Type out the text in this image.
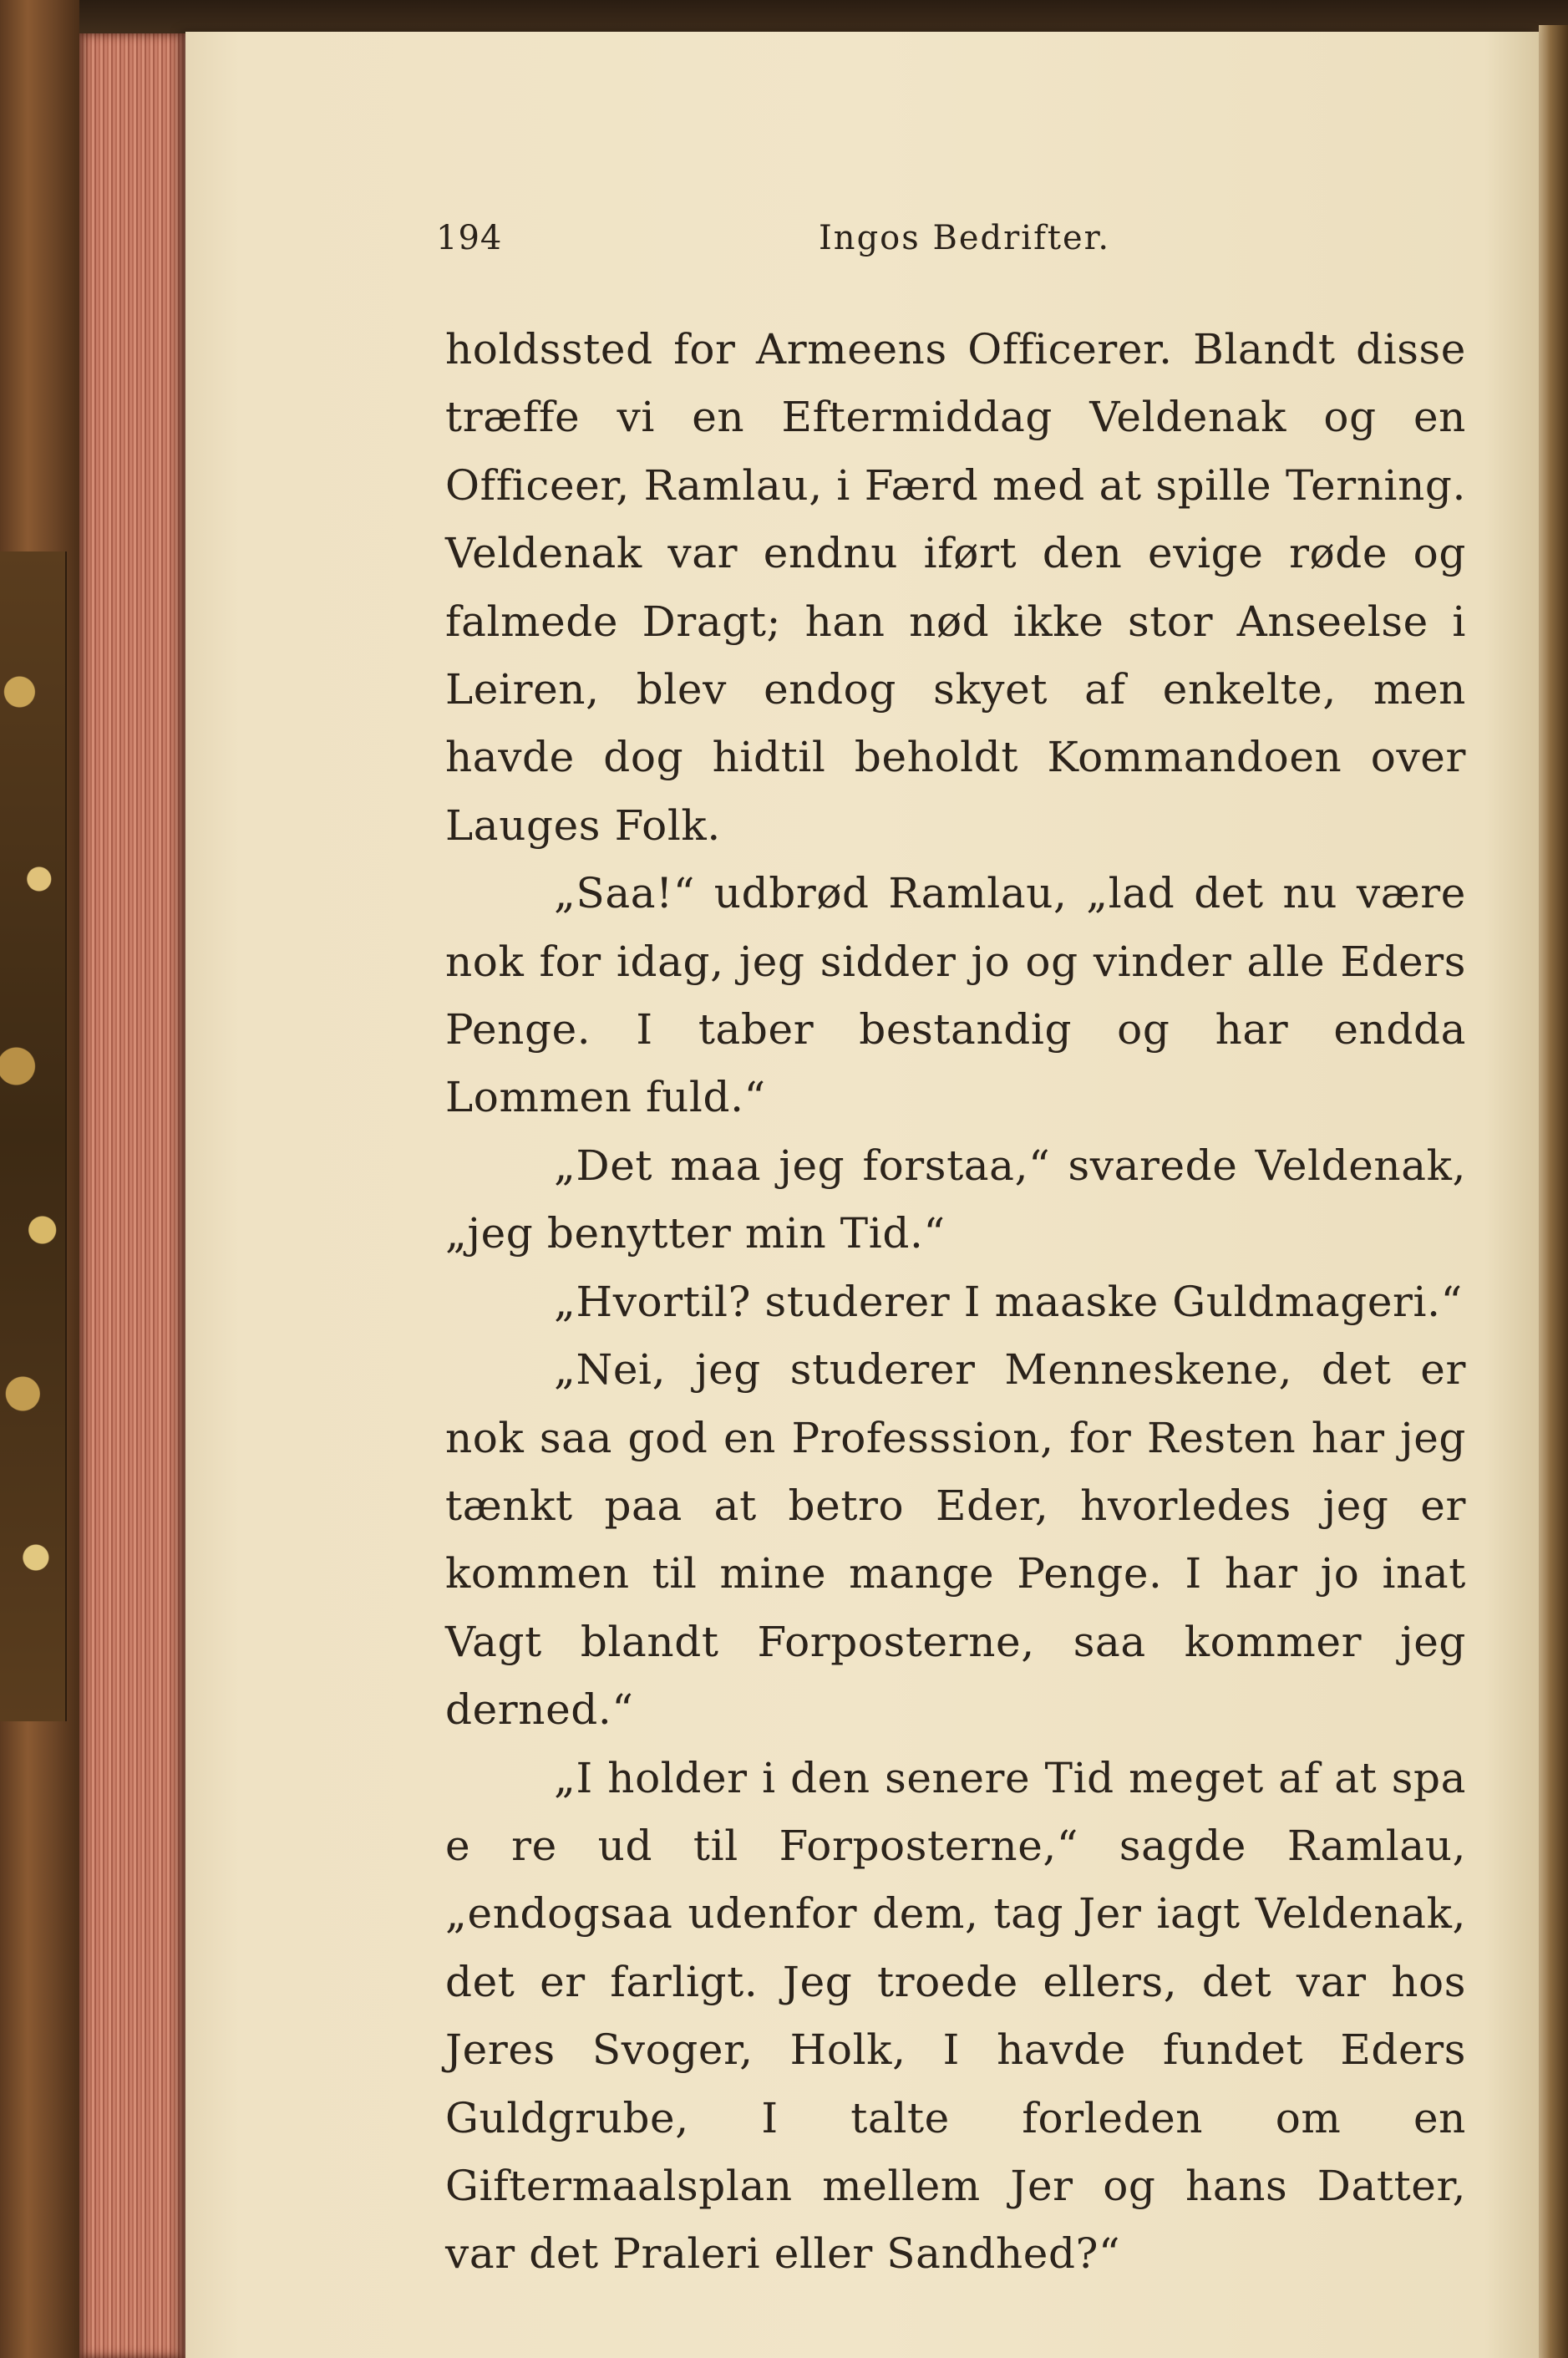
194	Ingos Bedrifter.

holdssted for Armeens Officerer. Blandt disse træffe vi en Eftermiddag Veldenak og en Officeer, Ramlau, i Færd med at spille Terning. Veldenak var endnu iført den evige røde og falmede Dragt; han nød ikke stor Anseelse i Leiren, blev endog skyet af enkelte, men havde dog hidtil beholdt Kommandoen over Lauges Folk.

„Saa!“ udbrød Ramlau, „lad det nu være nok for idag, jeg sidder jo og vinder alle Eders Penge. I taber bestandig og har endda Lommen fuld.“

„Det maa jeg forstaa,“ svarede Veldenak, „jeg benytter min Tid.“

„Hvortil? studerer I maaske Guldmageri.“

„Nei, jeg studerer Menneskene, det er nok saa god en Professsion, for Resten har jeg tænkt paa at betro Eder, hvorledes jeg er kommen til mine mange Penge. I har jo inat Vagt blandt Forposterne, saa kommer jeg derned.“

„I holder i den senere Tid meget af at spa e re ud til Forposterne,“ sagde Ramlau, „endogsaa udenfor dem, tag Jer iagt Veldenak, det er farligt. Jeg troede ellers, det var hos Jeres Svoger, Holk, I havde fundet Eders Guldgrube, I talte forleden om en Giftermaalsplan mellem Jer og hans Datter, var det Praleri eller Sandhed?“
